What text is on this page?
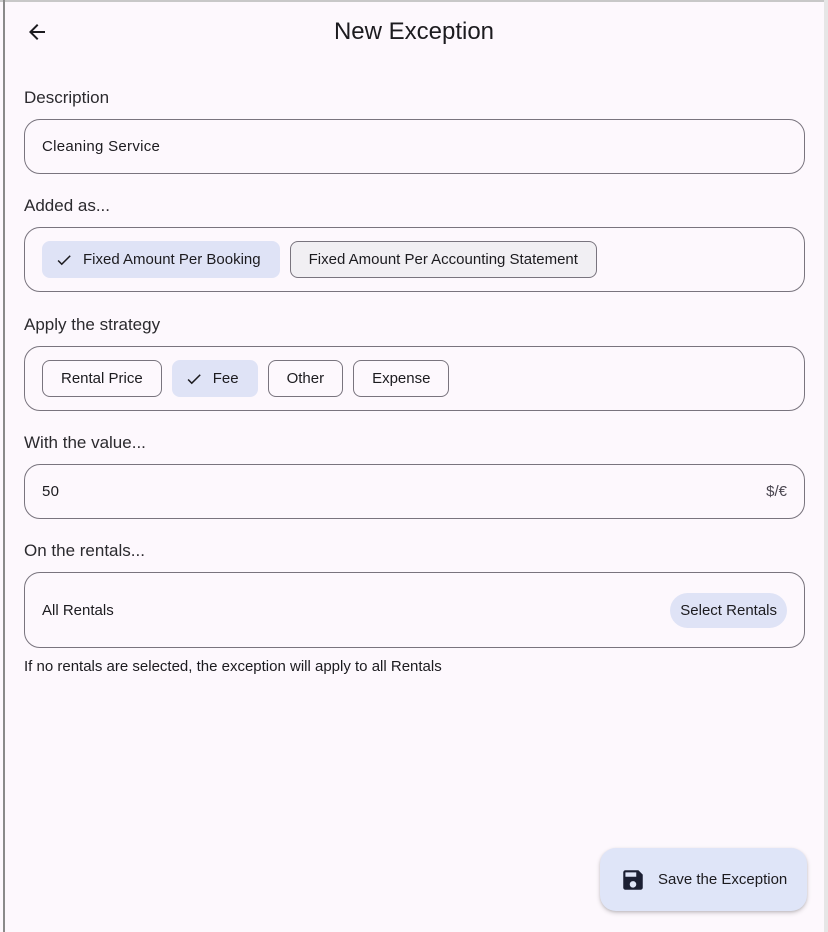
New Exception
Description
Cleaning Service
Added as...
Fixed Amount Per Booking	Fixed Amount Per Accounting Statement
Apply the strategy
Rental Price	Fee	Other	Expense
With the value...
50
$/€
On the rentals...
All Rentals	Select Rentals
If no rentals are selected, the exception will apply to all Rentals
Save the Exception
